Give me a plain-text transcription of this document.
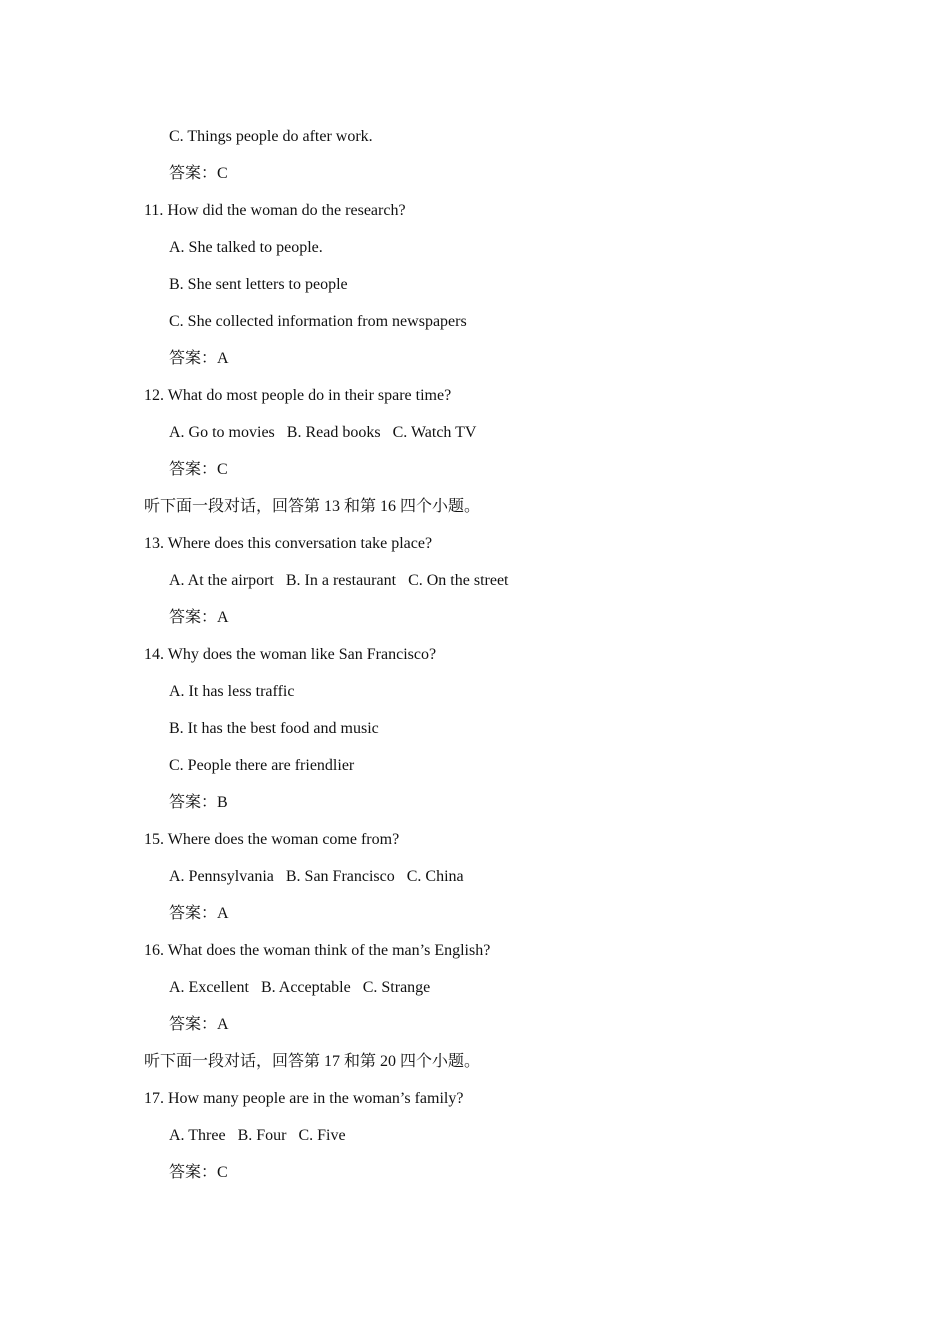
C. Things people do after work.
答案：C
11. How did the woman do the research?
A. She talked to people.
B. She sent letters to people
C. She collected information from newspapers
答案：A
12. What do most people do in their spare time?
A. Go to movies B. Read books C. Watch TV
答案：C
听下面一段对话，回答第 13 和第 16 四个小题。
13. Where does this conversation take place?
A. At the airport B. In a restaurant C. On the street
答案：A
14. Why does the woman like San Francisco?
A. It has less traffic
B. It has the best food and music
C. People there are friendlier
答案：B
15. Where does the woman come from?
A. Pennsylvania B. San Francisco C. China
答案：A
16. What does the woman think of the man’s English?
A. Excellent B. Acceptable C. Strange
答案：A
听下面一段对话，回答第 17 和第 20 四个小题。
17. How many people are in the woman’s family?
A. Three B. Four C. Five
答案：C
